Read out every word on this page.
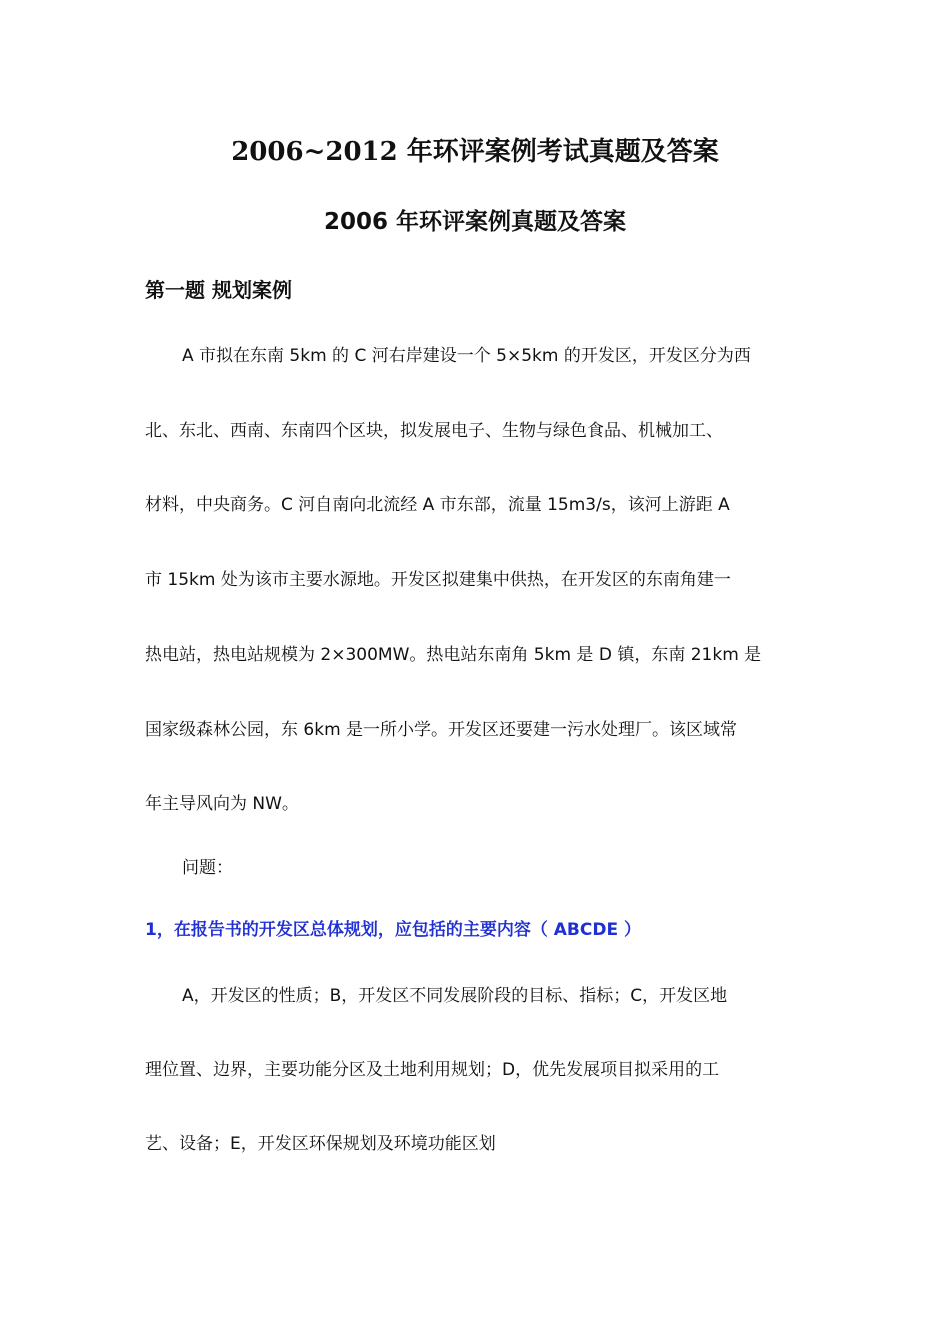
2006~2012 年环评案例考试真题及答案
2006 年环评案例真题及答案
第一题 规划案例

A 市拟在东南 5km 的 C 河右岸建设一个 5×5km 的开发区，开发区分为西

北、东北、西南、东南四个区块，拟发展电子、生物与绿色食品、机械加工、

材料，中央商务。C 河自南向北流经 A 市东部，流量 15m3/s，该河上游距 A

市 15km 处为该市主要水源地。开发区拟建集中供热，在开发区的东南角建一

热电站，热电站规模为 2×300MW。热电站东南角 5km 是 D 镇，东南 21km 是

国家级森林公园，东 6km 是一所小学。开发区还要建一污水处理厂。该区域常

年主导风向为 NW。

问题：

1，在报告书的开发区总体规划，应包括的主要内容（ ABCDE ）

A，开发区的性质；B，开发区不同发展阶段的目标、指标；C，开发区地

理位置、边界，主要功能分区及土地利用规划；D，优先发展项目拟采用的工

艺、设备；E，开发区环保规划及环境功能区划
